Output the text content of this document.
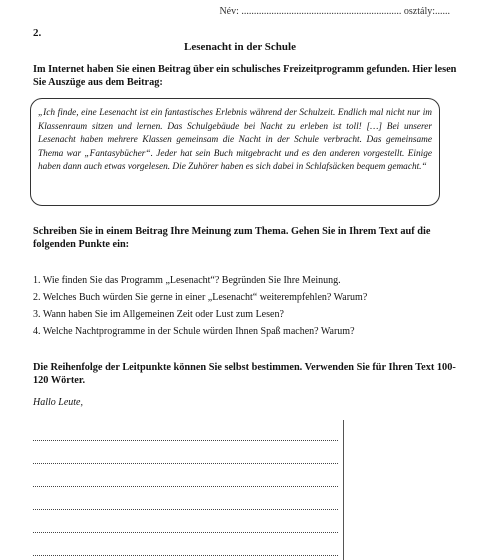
Név: ................................................................ osztály:......
2.
Lesenacht in der Schule
Im Internet haben Sie einen Beitrag über ein schulisches Freizeitprogramm gefunden. Hier lesen Sie Auszüge aus dem Beitrag:
„Ich finde, eine Lesenacht ist ein fantastisches Erlebnis während der Schulzeit. Endlich mal nicht nur im Klassenraum sitzen und lernen. Das Schulgebäude bei Nacht zu erleben ist toll! […] Bei unserer Lesenacht haben mehrere Klassen gemeinsam die Nacht in der Schule verbracht. Das gemeinsame Thema war „Fantasybücher“. Jeder hat sein Buch mitgebracht und es den anderen vorgestellt. Einige haben dann auch etwas vorgelesen. Die Zuhörer haben es sich dabei in Schlafsäcken bequem gemacht.“
Schreiben Sie in einem Beitrag Ihre Meinung zum Thema. Gehen Sie in Ihrem Text auf die folgenden Punkte ein:
1. Wie finden Sie das Programm „Lesenacht“? Begründen Sie Ihre Meinung.
2. Welches Buch würden Sie gerne in einer „Lesenacht“ weiterempfehlen? Warum?
3. Wann haben Sie im Allgemeinen Zeit oder Lust zum Lesen?
4. Welche Nachtprogramme in der Schule würden Ihnen Spaß machen? Warum?
Die Reihenfolge der Leitpunkte können Sie selbst bestimmen. Verwenden Sie für Ihren Text 100-120 Wörter.
Hallo Leute,
